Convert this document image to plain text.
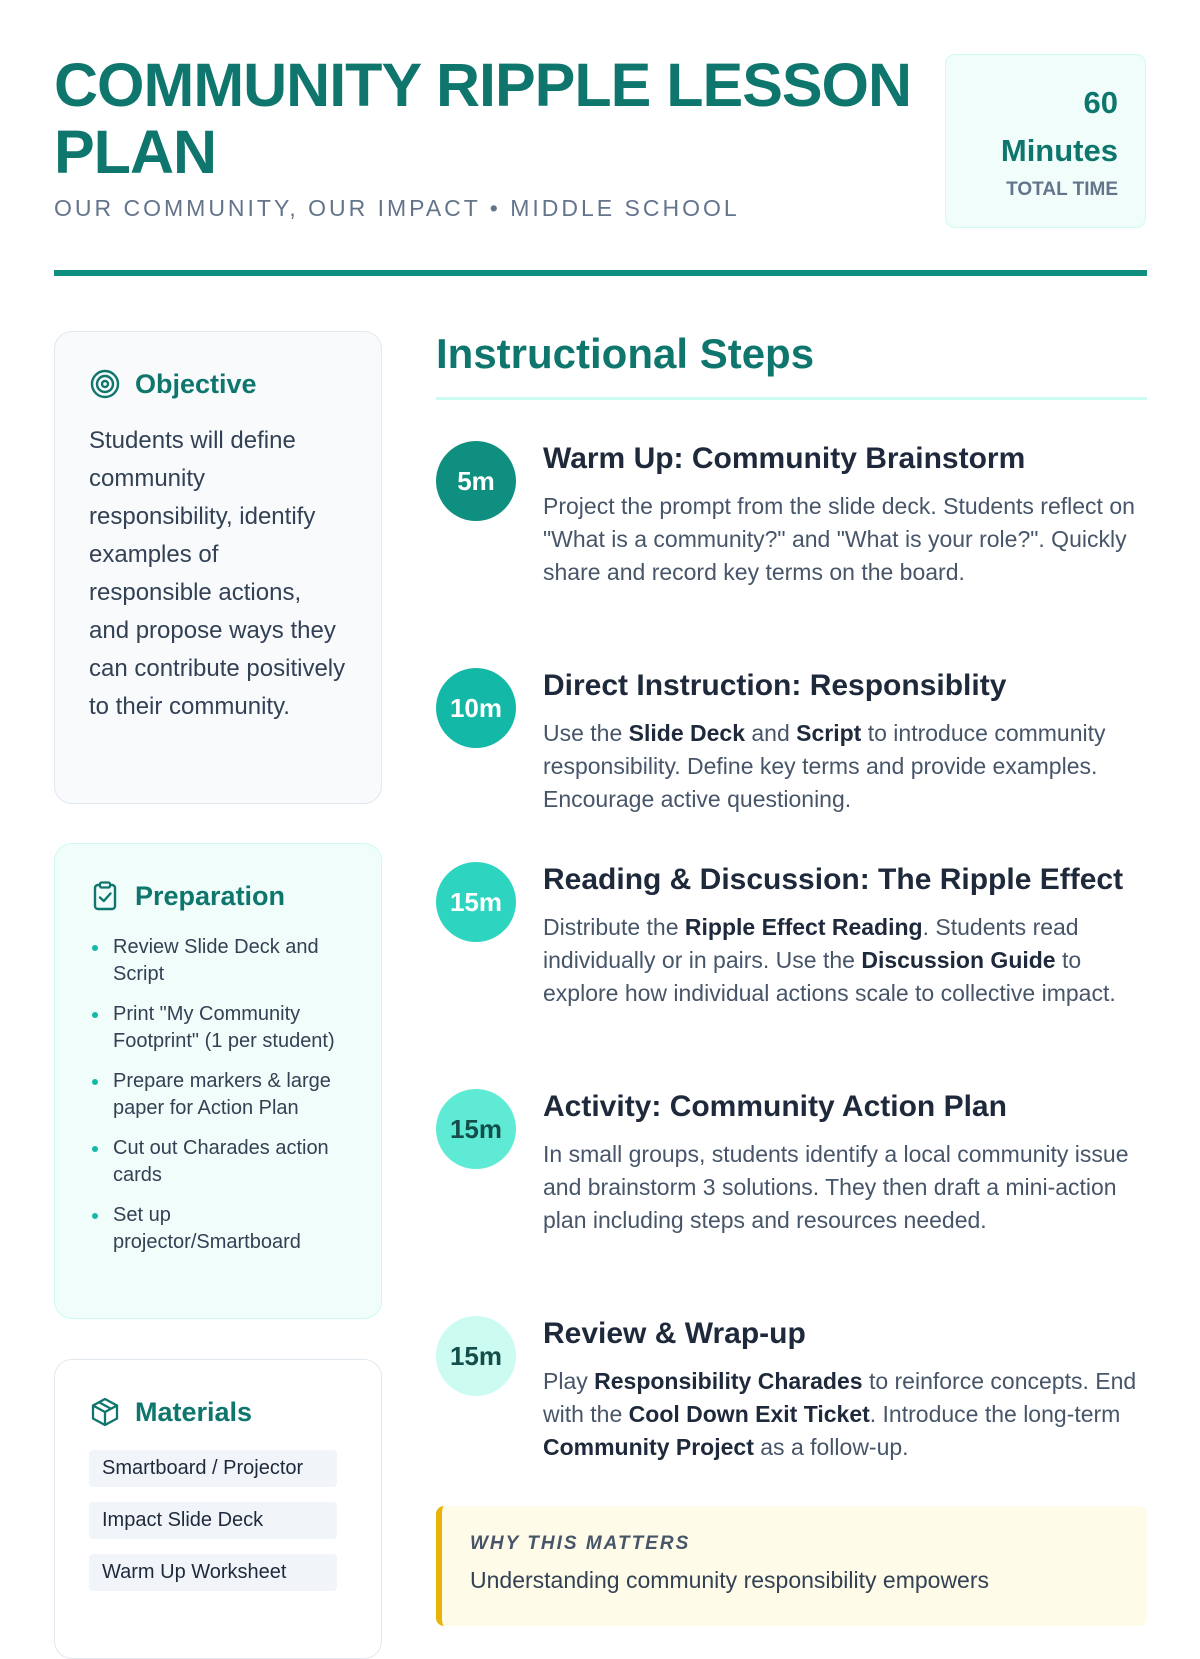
COMMUNITY RIPPLE LESSON PLAN
OUR COMMUNITY, OUR IMPACT • MIDDLE SCHOOL
60
Minutes
TOTAL TIME
Objective

Students will define community responsibility, identify examples of responsible actions, and propose ways they can contribute positively to their community.

Preparation
Review Slide Deck and Script
Print "My Community Footprint" (1 per student)
Prepare markers & large paper for Action Plan
Cut out Charades action cards
Set up projector/Smartboard
Materials
Smartboard / Projector
Impact Slide Deck
Warm Up Worksheet
Instructional Steps
5m
Warm Up: Community Brainstorm

Project the prompt from the slide deck. Students reflect on "What is a community?" and "What is your role?". Quickly share and record key terms on the board.

10m
Direct Instruction: Responsiblity

Use the Slide Deck and Script to introduce community responsibility. Define key terms and provide examples. Encourage active questioning.

15m
Reading & Discussion: The Ripple Effect

Distribute the Ripple Effect Reading. Students read individually or in pairs. Use the Discussion Guide to explore how individual actions scale to collective impact.

15m
Activity: Community Action Plan

In small groups, students identify a local community issue and brainstorm 3 solutions. They then draft a mini-action plan including steps and resources needed.

15m
Review & Wrap-up

Play Responsibility Charades to reinforce concepts. End with the Cool Down Exit Ticket. Introduce the long-term Community Project as a follow-up.

WHY THIS MATTERS
Understanding community responsibility empowers
